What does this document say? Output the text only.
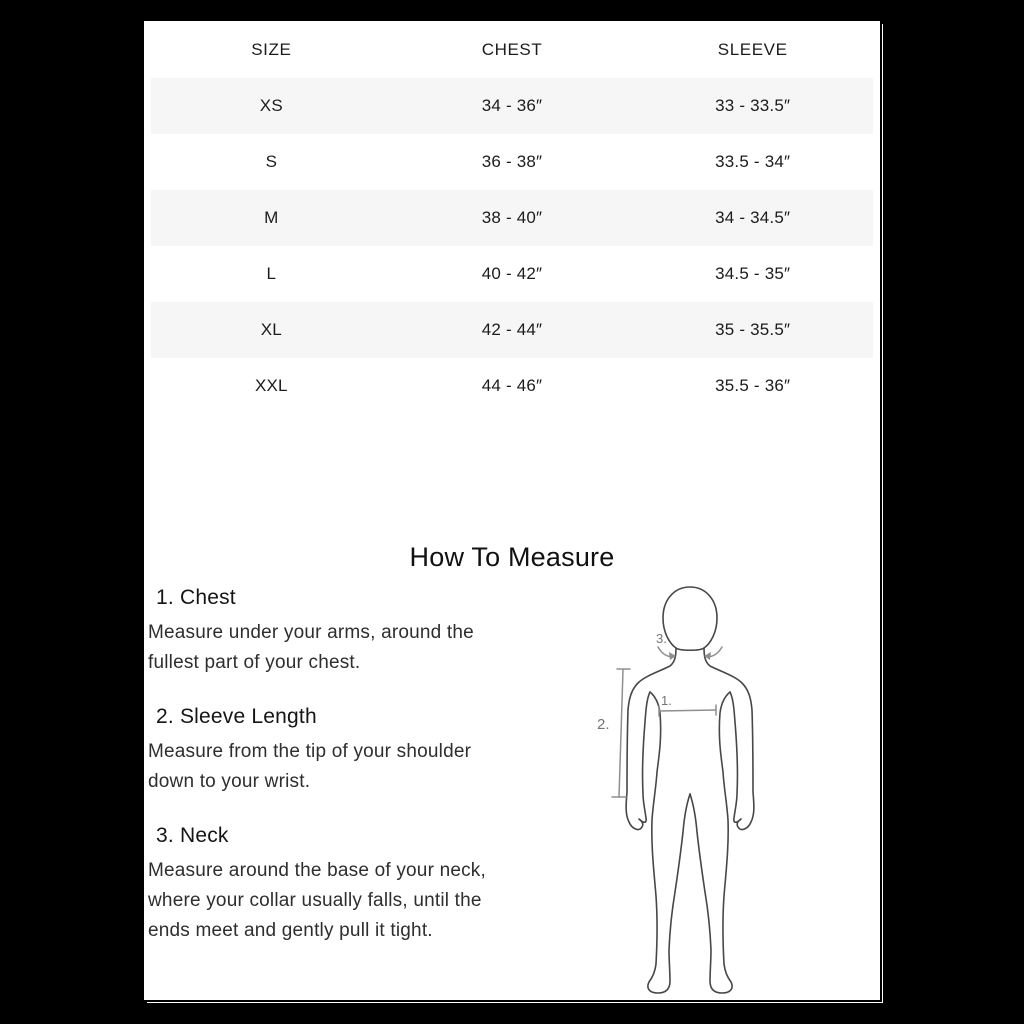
SIZE	CHEST	SLEEVE
XS	34 - 36″	33 - 33.5″
S	36 - 38″	33.5 - 34″
M	38 - 40″	34 - 34.5″
L	40 - 42″	34.5 - 35″
XL	42 - 44″	35 - 35.5″
XXL	44 - 46″	35.5 - 36″
How To Measure
1. Chest

Measure under your arms, around the fullest part of your chest.

2. Sleeve Length

Measure from the tip of your shoulder down to your wrist.

3. Neck

Measure around the base of your neck, where your collar usually falls, until the ends meet and gently pull it tight.

2.
1.
3.
